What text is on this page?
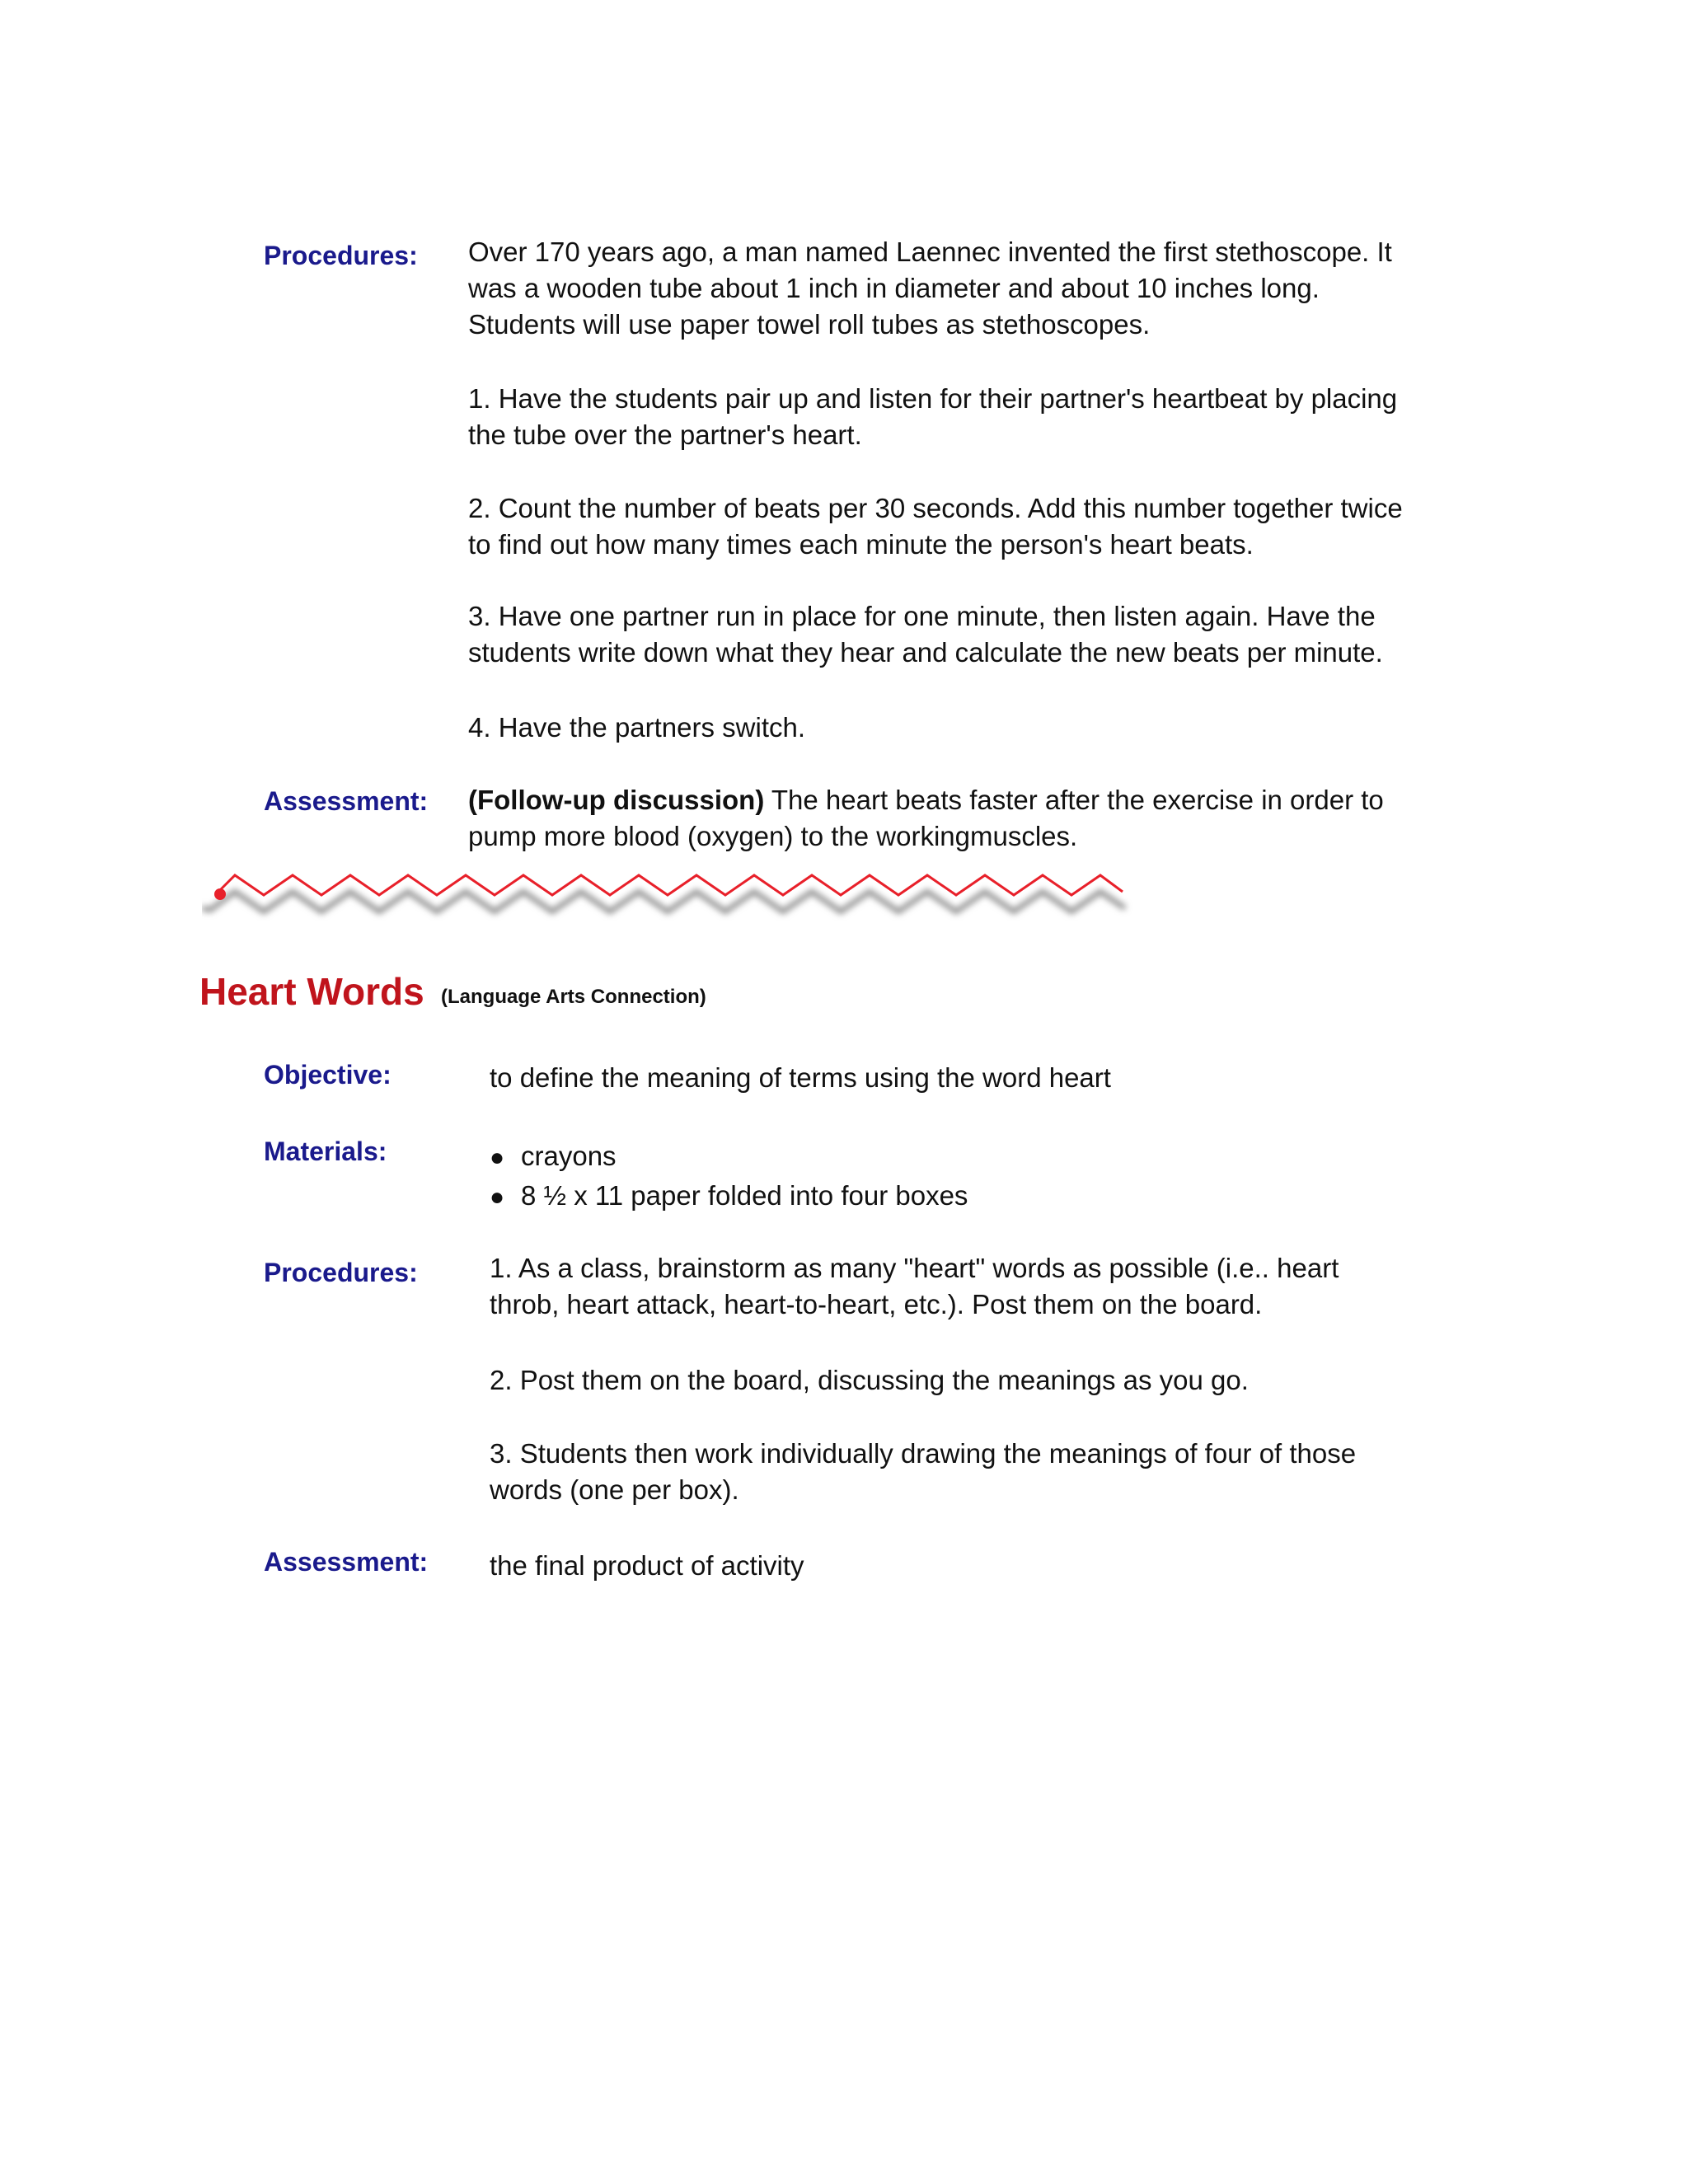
Procedures: Over 170 years ago, a man named Laennec invented the first stethoscope. It

was a wooden tube about 1 inch in diameter and about 10 inches long.

Students will use paper towel roll tubes as stethoscopes.

1. Have the students pair up and listen for their partner's heartbeat by placing

the tube over the partner's heart.

2. Count the number of beats per 30 seconds. Add this number together twice

to find out how many times each minute the person's heart beats.

3. Have one partner run in place for one minute, then listen again. Have the

students write down what they hear and calculate the new beats per minute.

4. Have the partners switch.
Assessment: (Follow-up discussion) The heart beats faster after the exercise in order to

pump more blood (oxygen) to the workingmuscles.

Heart Words (Language Arts Connection)
Objective:	to define the meaning of terms using the word heart
Materials:	● crayons
● 8 ½ x 11 paper folded into four boxes
Procedures:	1. As a class, brainstorm as many "heart" words as possible (i.e.. heart

throb, heart attack, heart-to-heart, etc.). Post them on the board.

2. Post them on the board, discussing the meanings as you go.

3. Students then work individually drawing the meanings of four of those

words (one per box).

Assessment: the final product of activity
